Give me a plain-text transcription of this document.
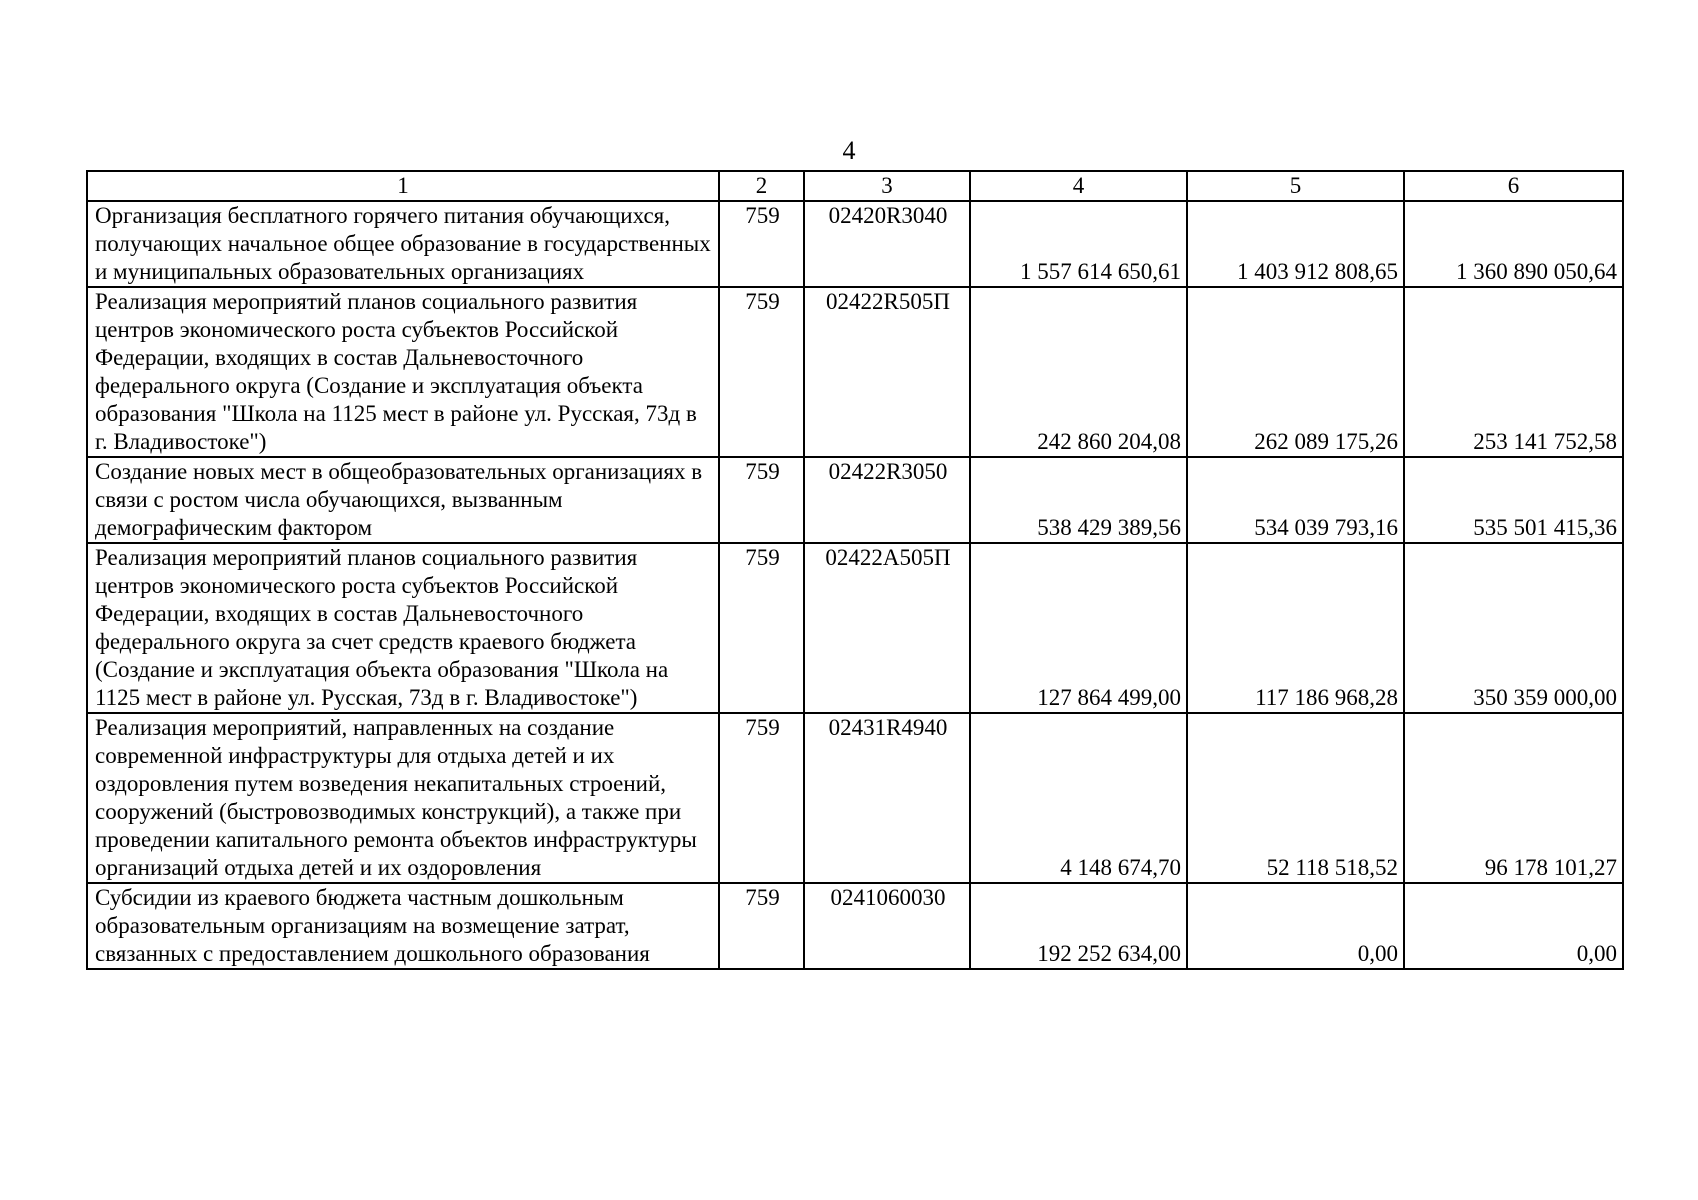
4
1	2	3	4	5	6
Организация бесплатного горячего питания обучающихся, получающих начальное общее образование в государственных и муниципальных образовательных организациях	759	02420R3040	1 557 614 650,61	1 403 912 808,65	1 360 890 050,64
Реализация мероприятий планов социального развития центров экономического роста субъектов Российской Федерации, входящих в состав Дальневосточного федерального округа (Создание и эксплуатация объекта образования "Школа на 1125 мест в районе ул. Русская, 73д в г. Владивостоке")	759	02422R505П	242 860 204,08	262 089 175,26	253 141 752,58
Создание новых мест в общеобразовательных организациях в связи с ростом числа обучающихся, вызванным демографическим фактором	759	02422R3050	538 429 389,56	534 039 793,16	535 501 415,36
Реализация мероприятий планов социального развития центров экономического роста субъектов Российской Федерации, входящих в состав Дальневосточного федерального округа за счет средств краевого бюджета (Создание и эксплуатация объекта образования "Школа на 1125 мест в районе ул. Русская, 73д в г. Владивостоке")	759	02422А505П	127 864 499,00	117 186 968,28	350 359 000,00
Реализация мероприятий, направленных на создание современной инфраструктуры для отдыха детей и их оздоровления путем возведения некапитальных строений, сооружений (быстровозводимых конструкций), а также при проведении капитального ремонта объектов инфраструктуры организаций отдыха детей и их оздоровления	759	02431R4940	4 148 674,70	52 118 518,52	96 178 101,27
Субсидии из краевого бюджета частным дошкольным образовательным организациям на возмещение затрат, связанных с предоставлением дошкольного образования	759	0241060030	192 252 634,00	0,00	0,00
